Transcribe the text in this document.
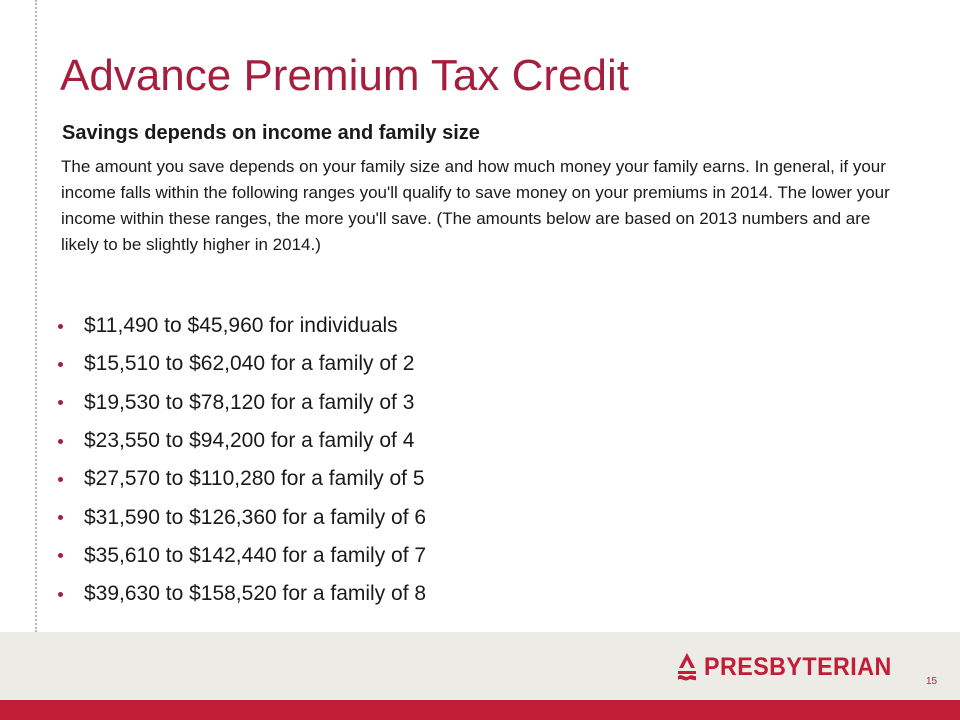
Advance Premium Tax Credit
Savings depends on income and family size

The amount you save depends on your family size and how much money your family earns. In general, if your income falls within the following ranges you'll qualify to save money on your premiums in 2014. The lower your income within these ranges, the more you'll save. (The amounts below are based on 2013 numbers and are likely to be slightly higher in 2014.)

$11,490 to $45,960 for individuals
$15,510 to $62,040 for a family of 2
$19,530 to $78,120 for a family of 3
$23,550 to $94,200 for a family of 4
$27,570 to $110,280 for a family of 5
$31,590 to $126,360 for a family of 6
$35,610 to $142,440 for a family of 7
$39,630 to $158,520 for a family of 8
PRESBYTERIAN
15
